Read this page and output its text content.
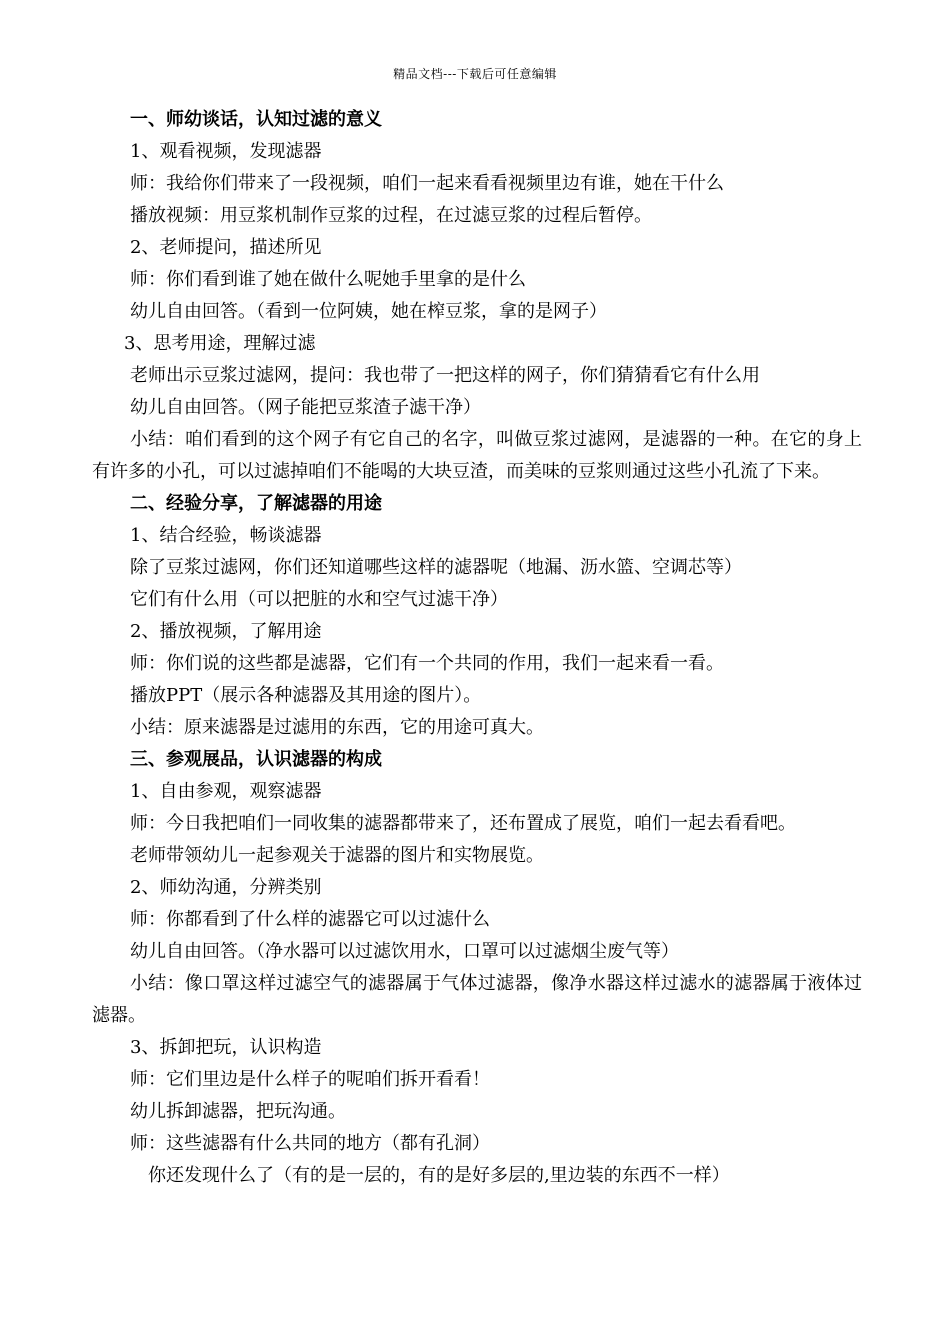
精品文档---下载后可任意编辑

一、师幼谈话，认知过滤的意义

1、观看视频，发现滤器

师：我给你们带来了一段视频，咱们一起来看看视频里边有谁，她在干什么

播放视频：用豆浆机制作豆浆的过程，在过滤豆浆的过程后暂停。

2、老师提问，描述所见

师：你们看到谁了她在做什么呢她手里拿的是什么

幼儿自由回答。（看到一位阿姨，她在榨豆浆，拿的是网子）

3、思考用途，理解过滤

老师出示豆浆过滤网，提问：我也带了一把这样的网子，你们猜猜看它有什么用

幼儿自由回答。（网子能把豆浆渣子滤干净）

小结：咱们看到的这个网子有它自己的名字，叫做豆浆过滤网，是滤器的一种。在它的身上有许多的小孔，可以过滤掉咱们不能喝的大块豆渣，而美味的豆浆则通过这些小孔流了下来。

二、经验分享，了解滤器的用途

1、结合经验，畅谈滤器

除了豆浆过滤网，你们还知道哪些这样的滤器呢（地漏、沥水篮、空调芯等）

它们有什么用（可以把脏的水和空气过滤干净）

2、播放视频，了解用途

师：你们说的这些都是滤器，它们有一个共同的作用，我们一起来看一看。

播放PPT（展示各种滤器及其用途的图片）。

小结：原来滤器是过滤用的东西，它的用途可真大。

三、参观展品，认识滤器的构成

1、自由参观，观察滤器

师：今日我把咱们一同收集的滤器都带来了，还布置成了展览，咱们一起去看看吧。

老师带领幼儿一起参观关于滤器的图片和实物展览。

2、师幼沟通，分辨类别

师：你都看到了什么样的滤器它可以过滤什么

幼儿自由回答。（净水器可以过滤饮用水，口罩可以过滤烟尘废气等）

小结：像口罩这样过滤空气的滤器属于气体过滤器，像净水器这样过滤水的滤器属于液体过滤器。

3、拆卸把玩，认识构造

师：它们里边是什么样子的呢咱们拆开看看！

幼儿拆卸滤器，把玩沟通。

师：这些滤器有什么共同的地方（都有孔洞）

你还发现什么了（有的是一层的，有的是好多层的,里边装的东西不一样）
